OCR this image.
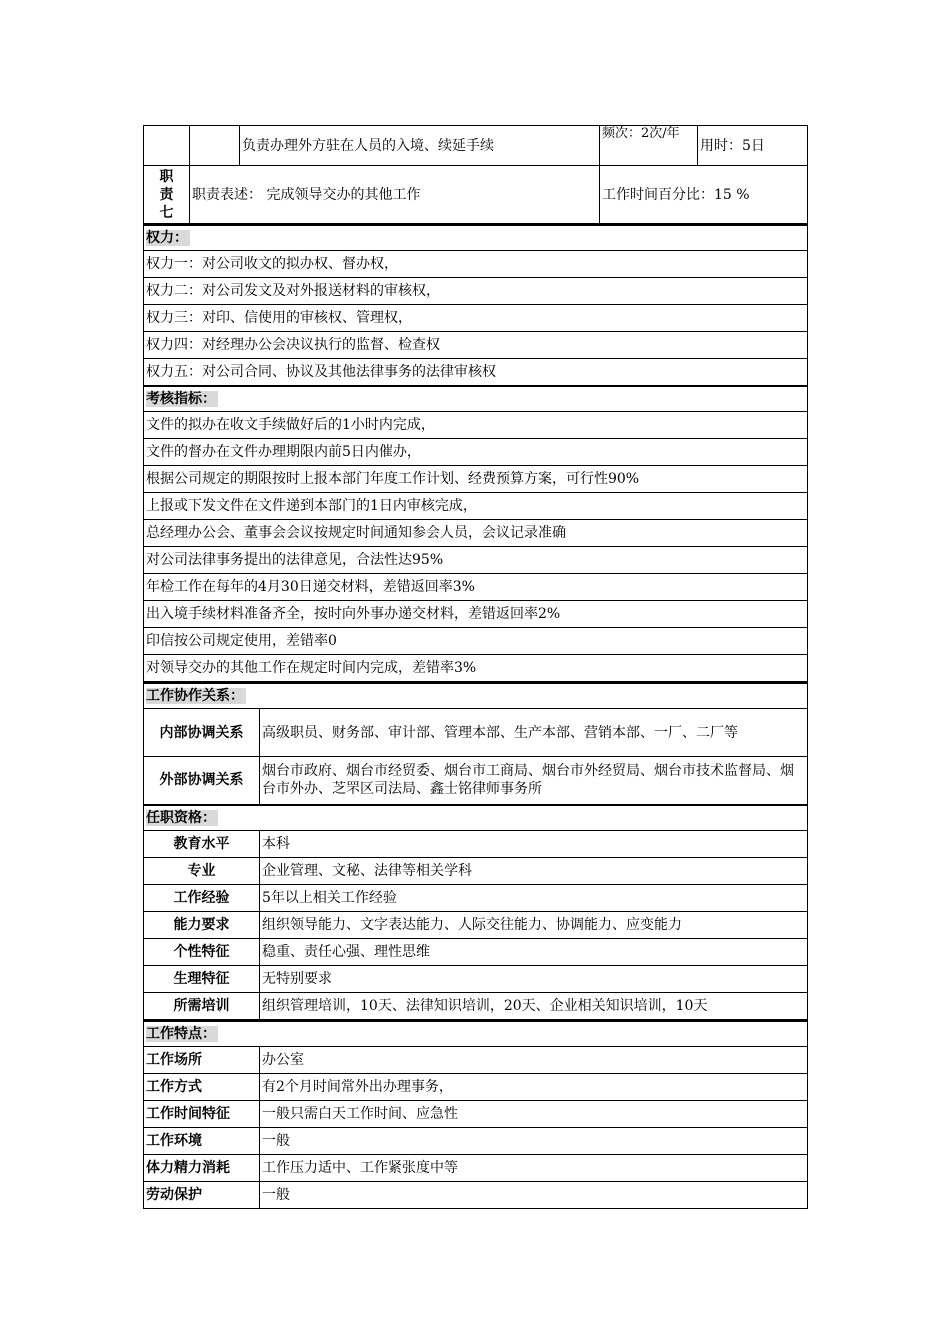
		负责办理外方驻在人员的入境、续延手续	频次：2次/年	用时：5日

职
责
七	职责表述： 完成领导交办的其他工作		工作时间百分比：15 %	
权力：
权力一：对公司收文的拟办权、督办权，
权力二：对公司发文及对外报送材料的审核权，
权力三：对印、信使用的审核权、管理权，
权力四：对经理办公会决议执行的监督、检查权
权力五：对公司合同、协议及其他法律事务的法律审核权
考核指标：
文件的拟办在收文手续做好后的1小时内完成，
文件的督办在文件办理期限内前5日内催办，
根据公司规定的期限按时上报本部门年度工作计划、经费预算方案，可行性90%
上报或下发文件在文件递到本部门的1日内审核完成，
总经理办公会、董事会会议按规定时间通知参会人员，会议记录准确
对公司法律事务提出的法律意见，合法性达95%
年检工作在每年的4月30日递交材料，差错返回率3%
出入境手续材料准备齐全，按时向外事办递交材料，差错返回率2%
印信按公司规定使用，差错率0
对领导交办的其他工作在规定时间内完成，差错率3%
工作协作关系：	
内部协调关系	高级职员、财务部、审计部、管理本部、生产本部、营销本部、一厂、二厂等
外部协调关系	烟台市政府、烟台市经贸委、烟台市工商局、烟台市外经贸局、烟台市技术监督局、烟台市外办、芝罘区司法局、鑫士铭律师事务所
任职资格：	
教育水平	本科
专业	企业管理、文秘、法律等相关学科
工作经验	5年以上相关工作经验
能力要求	组织领导能力、文字表达能力、人际交往能力、协调能力、应变能力
个性特征	稳重、责任心强、理性思维
生理特征	无特别要求
所需培训	组织管理培训，10天、法律知识培训，20天、企业相关知识培训，10天
工作特点：	
工作场所	办公室
工作方式	有2个月时间常外出办理事务，
工作时间特征	一般只需白天工作时间、应急性
工作环境	一般
体力精力消耗	工作压力适中、工作紧张度中等
劳动保护	一般
